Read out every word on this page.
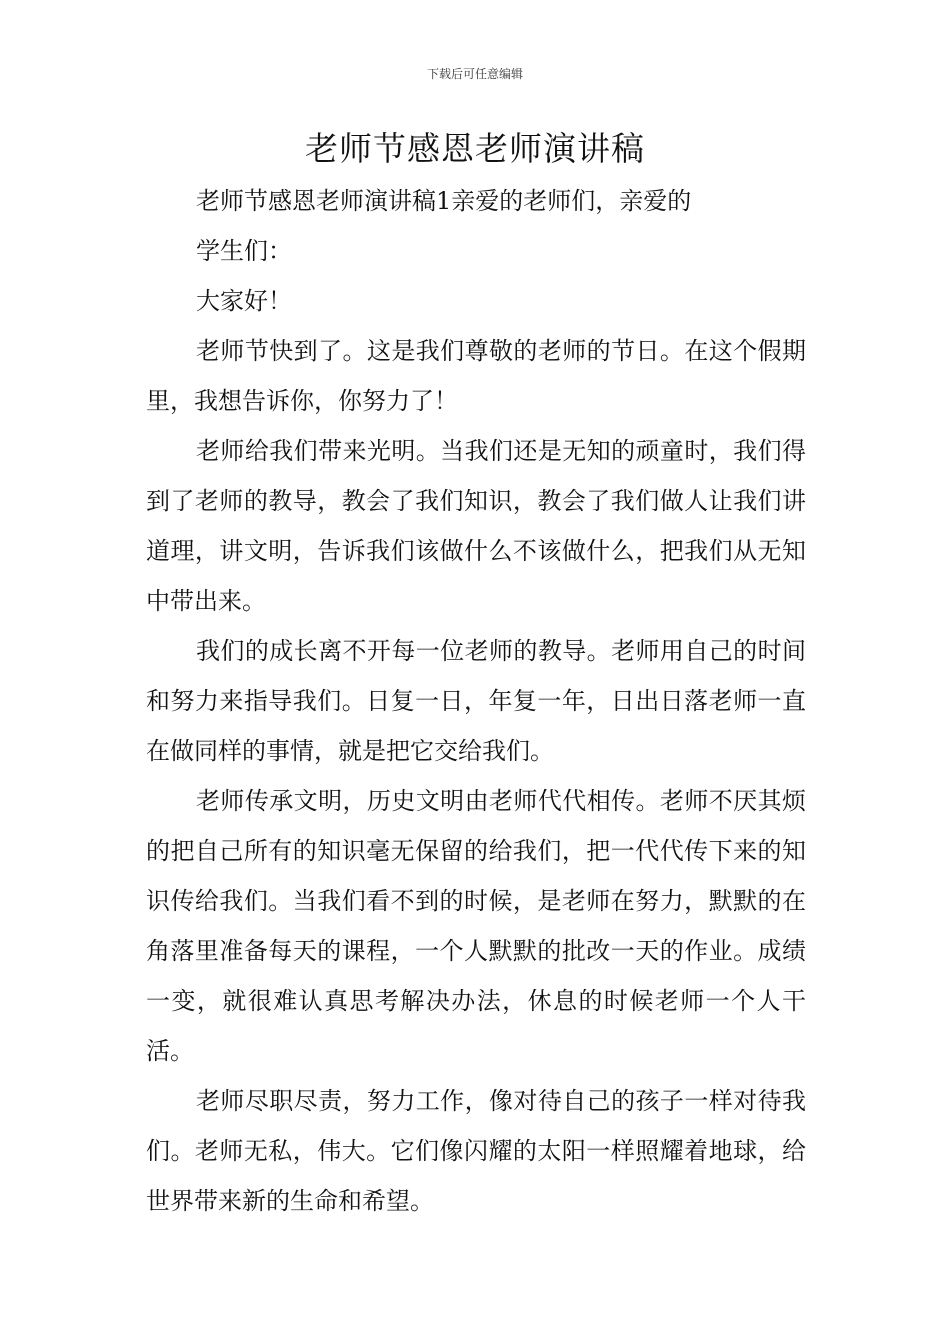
下载后可任意编辑
老师节感恩老师演讲稿

老师节感恩老师演讲稿1亲爱的老师们，亲爱的

学生们：

大家好！

老师节快到了。这是我们尊敬的老师的节日。在这个假期里，我想告诉你，你努力了！

老师给我们带来光明。当我们还是无知的顽童时，我们得到了老师的教导，教会了我们知识，教会了我们做人让我们讲道理，讲文明，告诉我们该做什么不该做什么，把我们从无知中带出来。

我们的成长离不开每一位老师的教导。老师用自己的时间和努力来指导我们。日复一日，年复一年，日出日落老师一直在做同样的事情，就是把它交给我们。

老师传承文明，历史文明由老师代代相传。老师不厌其烦的把自己所有的知识毫无保留的给我们，把一代代传下来的知识传给我们。当我们看不到的时候，是老师在努力，默默的在角落里准备每天的课程，一个人默默的批改一天的作业。成绩一变，就很难认真思考解决办法，休息的时候老师一个人干活。

老师尽职尽责，努力工作，像对待自己的孩子一样对待我们。老师无私，伟大。它们像闪耀的太阳一样照耀着地球，给世界带来新的生命和希望。
